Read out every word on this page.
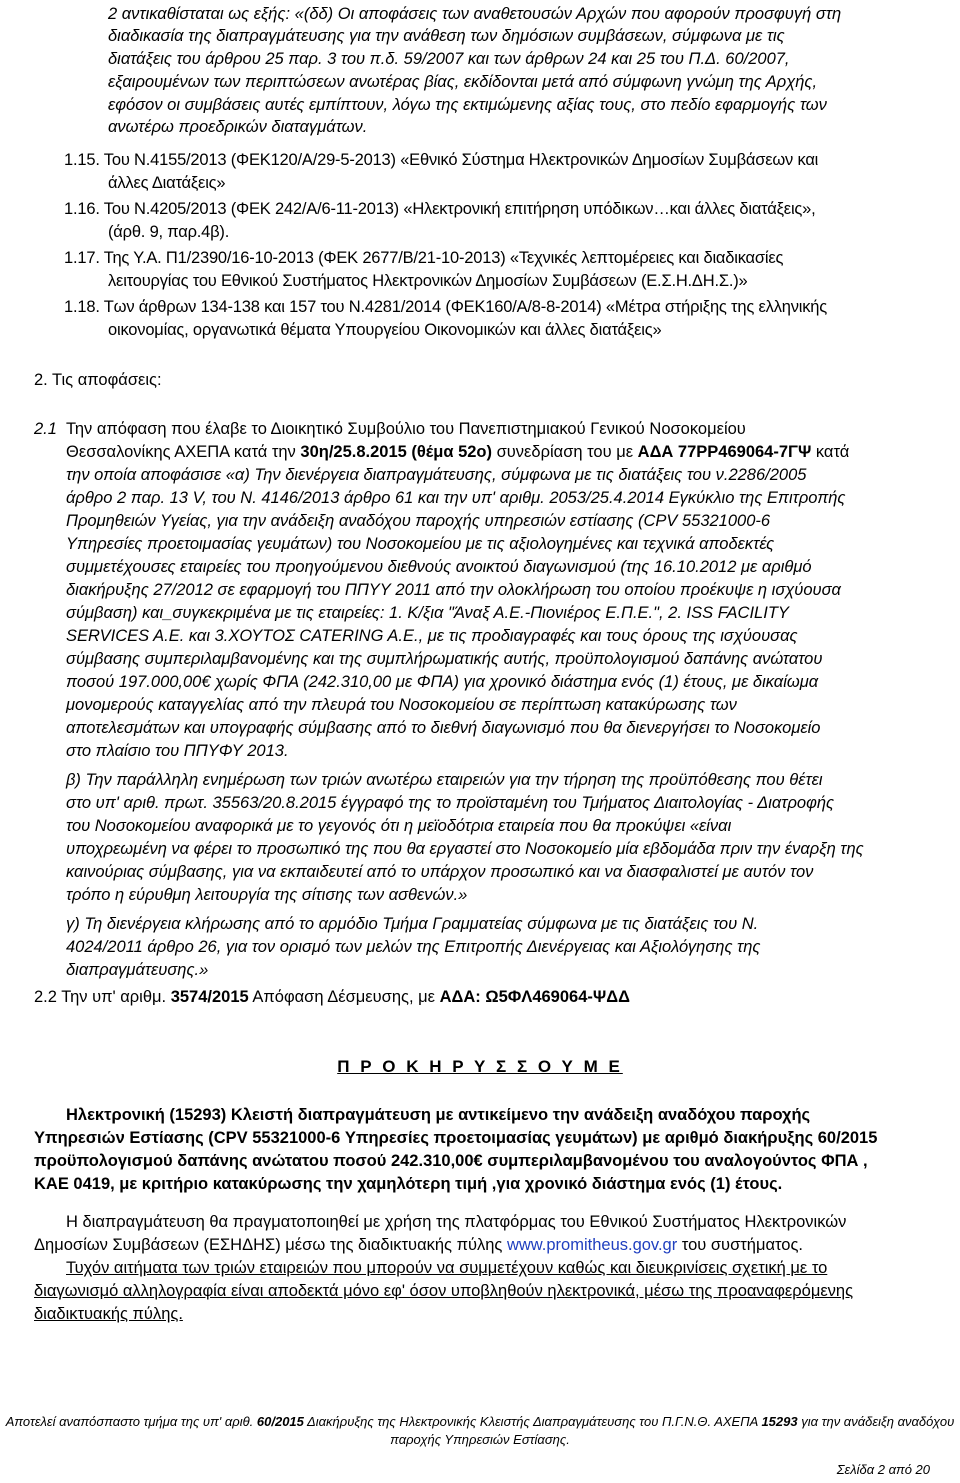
2 αντικαθίσταται ως εξής: «(δδ) Οι αποφάσεις των αναθετουσών Αρχών που αφορούν προσφυγή στη
διαδικασία της διαπραγμάτευσης για την ανάθεση των δημόσιων συμβάσεων, σύμφωνα με τις
διατάξεις του άρθρου 25 παρ. 3 του π.δ. 59/2007 και των άρθρων 24 και 25 του Π.Δ. 60/2007,
εξαιρουμένων των περιπτώσεων ανωτέρας βίας, εκδίδονται μετά από σύμφωνη γνώμη της Αρχής,
εφόσον οι συμβάσεις αυτές εμπίπτουν, λόγω της εκτιμώμενης αξίας τους, στο πεδίο εφαρμογής των
ανωτέρω προεδρικών διαταγμάτων.
1.15. Του Ν.4155/2013 (ΦΕΚ120/Α/29-5-2013) «Εθνικό Σύστημα Ηλεκτρονικών Δημοσίων Συμβάσεων και
άλλες Διατάξεις»
1.16. Του Ν.4205/2013 (ΦΕΚ 242/Α/6-11-2013) «Ηλεκτρονική επιτήρηση υπόδικων…και άλλες διατάξεις»,
(άρθ. 9, παρ.4β).
1.17. Της Υ.Α. Π1/2390/16-10-2013 (ΦΕΚ 2677/Β/21-10-2013) «Τεχνικές λεπτομέρειες και διαδικασίες
λειτουργίας του Εθνικού Συστήματος Ηλεκτρονικών Δημοσίων Συμβάσεων (Ε.Σ.Η.ΔΗ.Σ.)»
1.18. Των άρθρων 134-138 και 157 του Ν.4281/2014 (ΦΕΚ160/Α/8-8-2014) «Μέτρα στήριξης της ελληνικής
οικονομίας, οργανωτικά θέματα Υπουργείου Οικονομικών και άλλες διατάξεις»
2. Τις αποφάσεις:
2.1 Την απόφαση που έλαβε το Διοικητικό Συμβούλιο του Πανεπιστημιακού Γενικού Νοσοκομείου
Θεσσαλονίκης ΑΧΕΠΑ κατά την 30η/25.8.2015 (θέμα 52ο) συνεδρίαση του με ΑΔΑ 77ΡΡ469064-7ΓΨ κατά
την οποία αποφάσισε «α) Την διενέργεια διαπραγμάτευσης, σύμφωνα με τις διατάξεις του ν.2286/2005
άρθρο 2 παρ. 13 V, του Ν. 4146/2013 άρθρο 61 και την υπ' αριθμ. 2053/25.4.2014 Εγκύκλιο της Επιτροπής
Προμηθειών Υγείας, για την ανάδειξη αναδόχου παροχής υπηρεσιών εστίασης (CPV 55321000-6
Υπηρεσίες προετοιμασίας γευμάτων) του Νοσοκομείου με τις αξιολογημένες και τεχνικά αποδεκτές
συμμετέχουσες εταιρείες του προηγούμενου διεθνούς ανοικτού διαγωνισμού (της 16.10.2012 με αριθμό
διακήρυξης 27/2012 σε εφαρμογή του ΠΠΥΥ 2011 από την ολοκλήρωση του οποίου προέκυψε η ισχύουσα
σύμβαση) και_συγκεκριμένα με τις εταιρείες: 1. Κ/ξια "Άναξ Α.Ε.-Πιονιέρος Ε.Π.Ε.", 2. ISS FACILITY
SERVICES A.E. και 3.ΧΟΥΤΟΣ CATERING A.E., με τις προδιαγραφές και τους όρους της ισχύουσας
σύμβασης συμπεριλαμβανομένης και της συμπλήρωματικής αυτής, προϋπολογισμού δαπάνης ανώτατου
ποσού 197.000,00€ χωρίς ΦΠΑ (242.310,00 με ΦΠΑ) για χρονικό διάστημα ενός (1) έτους, με δικαίωμα
μονομερούς καταγγελίας από την πλευρά του Νοσοκομείου σε περίπτωση κατακύρωσης των
αποτελεσμάτων και υπογραφής σύμβασης από το διεθνή διαγωνισμό που θα διενεργήσει το Νοσοκομείο
στο πλαίσιο του ΠΠΥΦΥ 2013.
β) Την παράλληλη ενημέρωση των τριών ανωτέρω εταιρειών για την τήρηση της προϋπόθεσης που θέτει
στο υπ' αριθ. πρωτ. 35563/20.8.2015 έγγραφό της το προϊσταμένη του Τμήματος Διαιτολογίας - Διατροφής
του Νοσοκομείου αναφορικά με το γεγονός ότι η μεϊοδότρια εταιρεία που θα προκύψει «είναι
υποχρεωμένη να φέρει το προσωπικό της που θα εργαστεί στο Νοσοκομείο μία εβδομάδα πριν την έναρξη της
καινούριας σύμβασης, για να εκπαιδευτεί από το υπάρχον προσωπικό και να διασφαλιστεί με αυτόν τον
τρόπο η εύρυθμη λειτουργία της σίτισης των ασθενών.»
γ) Τη διενέργεια κλήρωσης από το αρμόδιο Τμήμα Γραμματείας σύμφωνα με τις διατάξεις του Ν.
4024/2011 άρθρο 26, για τον ορισμό των μελών της Επιτροπής Διενέργειας και Αξιολόγησης της
διαπραγμάτευσης.»
2.2 Την υπ' αριθμ. 3574/2015 Απόφαση Δέσμευσης, με ΑΔΑ: Ω5ΦΛ469064-ΨΔΔ
Π Ρ Ο Κ Η Ρ Υ Σ Σ Ο Υ Μ Ε
Ηλεκτρονική (15293) Κλειστή διαπραγμάτευση με αντικείμενο την ανάδειξη αναδόχου παροχής
Υπηρεσιών Εστίασης (CPV 55321000-6 Υπηρεσίες προετοιμασίας γευμάτων) με αριθμό διακήρυξης 60/2015
προϋπολογισμού δαπάνης ανώτατου ποσού 242.310,00€ συμπεριλαμβανομένου του αναλογούντος ΦΠΑ ,
ΚΑΕ 0419, με κριτήριο κατακύρωσης την χαμηλότερη τιμή ,για χρονικό διάστημα ενός (1) έτους.
Η διαπραγμάτευση θα πραγματοποιηθεί με χρήση της πλατφόρμας του Εθνικού Συστήματος Ηλεκτρονικών
Δημοσίων Συμβάσεων (ΕΣΗΔΗΣ) μέσω της διαδικτυακής πύλης www.promitheus.gov.gr του συστήματος.
Τυχόν αιτήματα των τριών εταιρειών που μπορούν να συμμετέχουν καθώς και διευκρινίσεις σχετική με το
διαγωνισμό αλληλογραφία είναι αποδεκτά μόνο εφ' όσον υποβληθούν ηλεκτρονικά, μέσω της προαναφερόμενης
διαδικτυακής πύλης.
Αποτελεί αναπόσπαστο τμήμα της υπ' αριθ. 60/2015 Διακήρυξης της Ηλεκτρονικής Κλειστής Διαπραγμάτευσης του Π.Γ.Ν.Θ. ΑΧΕΠΑ 15293 για την ανάδειξη αναδόχου
παροχής Υπηρεσιών Εστίασης.
Σελίδα 2 από 20
